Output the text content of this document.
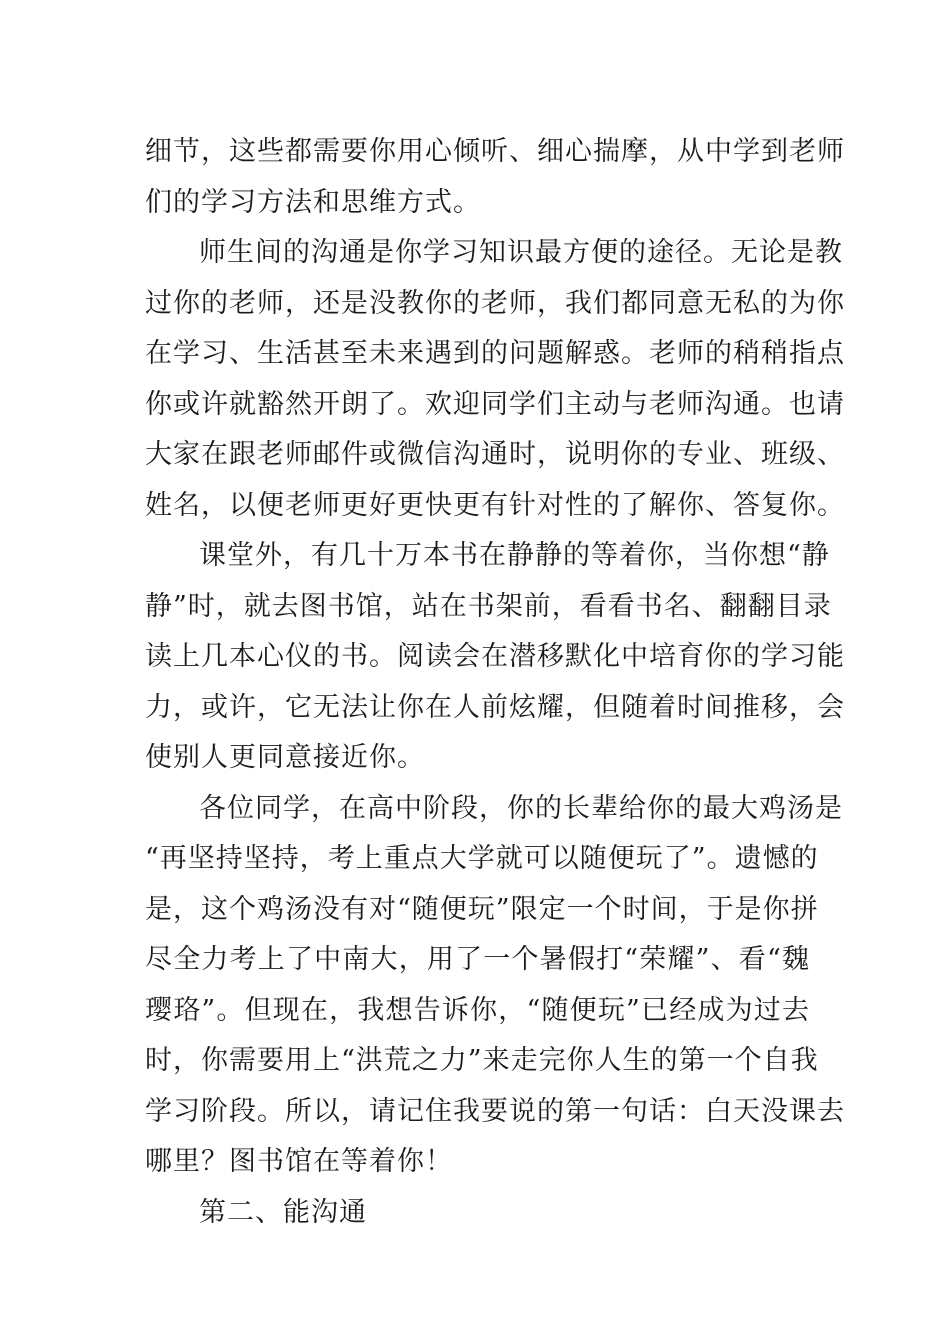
细节，这些都需要你用心倾听、细心揣摩，从中学到老师
们的学习方法和思维方式。
师生间的沟通是你学习知识最方便的途径。无论是教
过你的老师，还是没教你的老师，我们都同意无私的为你
在学习、生活甚至未来遇到的问题解惑。老师的稍稍指点
你或许就豁然开朗了。欢迎同学们主动与老师沟通。也请
大家在跟老师邮件或微信沟通时，说明你的专业、班级、
姓名，以便老师更好更快更有针对性的了解你、答复你。
课堂外，有几十万本书在静静的等着你，当你想“静
静”时，就去图书馆，站在书架前，看看书名、翻翻目录
读上几本心仪的书。阅读会在潜移默化中培育你的学习能
力，或许，它无法让你在人前炫耀，但随着时间推移，会
使别人更同意接近你。
各位同学，在高中阶段，你的长辈给你的最大鸡汤是
“再坚持坚持，考上重点大学就可以随便玩了”。遗憾的
是，这个鸡汤没有对“随便玩”限定一个时间，于是你拼
尽全力考上了中南大，用了一个暑假打“荣耀”、看“魏
璎珞”。但现在，我想告诉你，“随便玩”已经成为过去
时，你需要用上“洪荒之力”来走完你人生的第一个自我
学习阶段。所以，请记住我要说的第一句话：白天没课去
哪里？图书馆在等着你！
第二、能沟通
